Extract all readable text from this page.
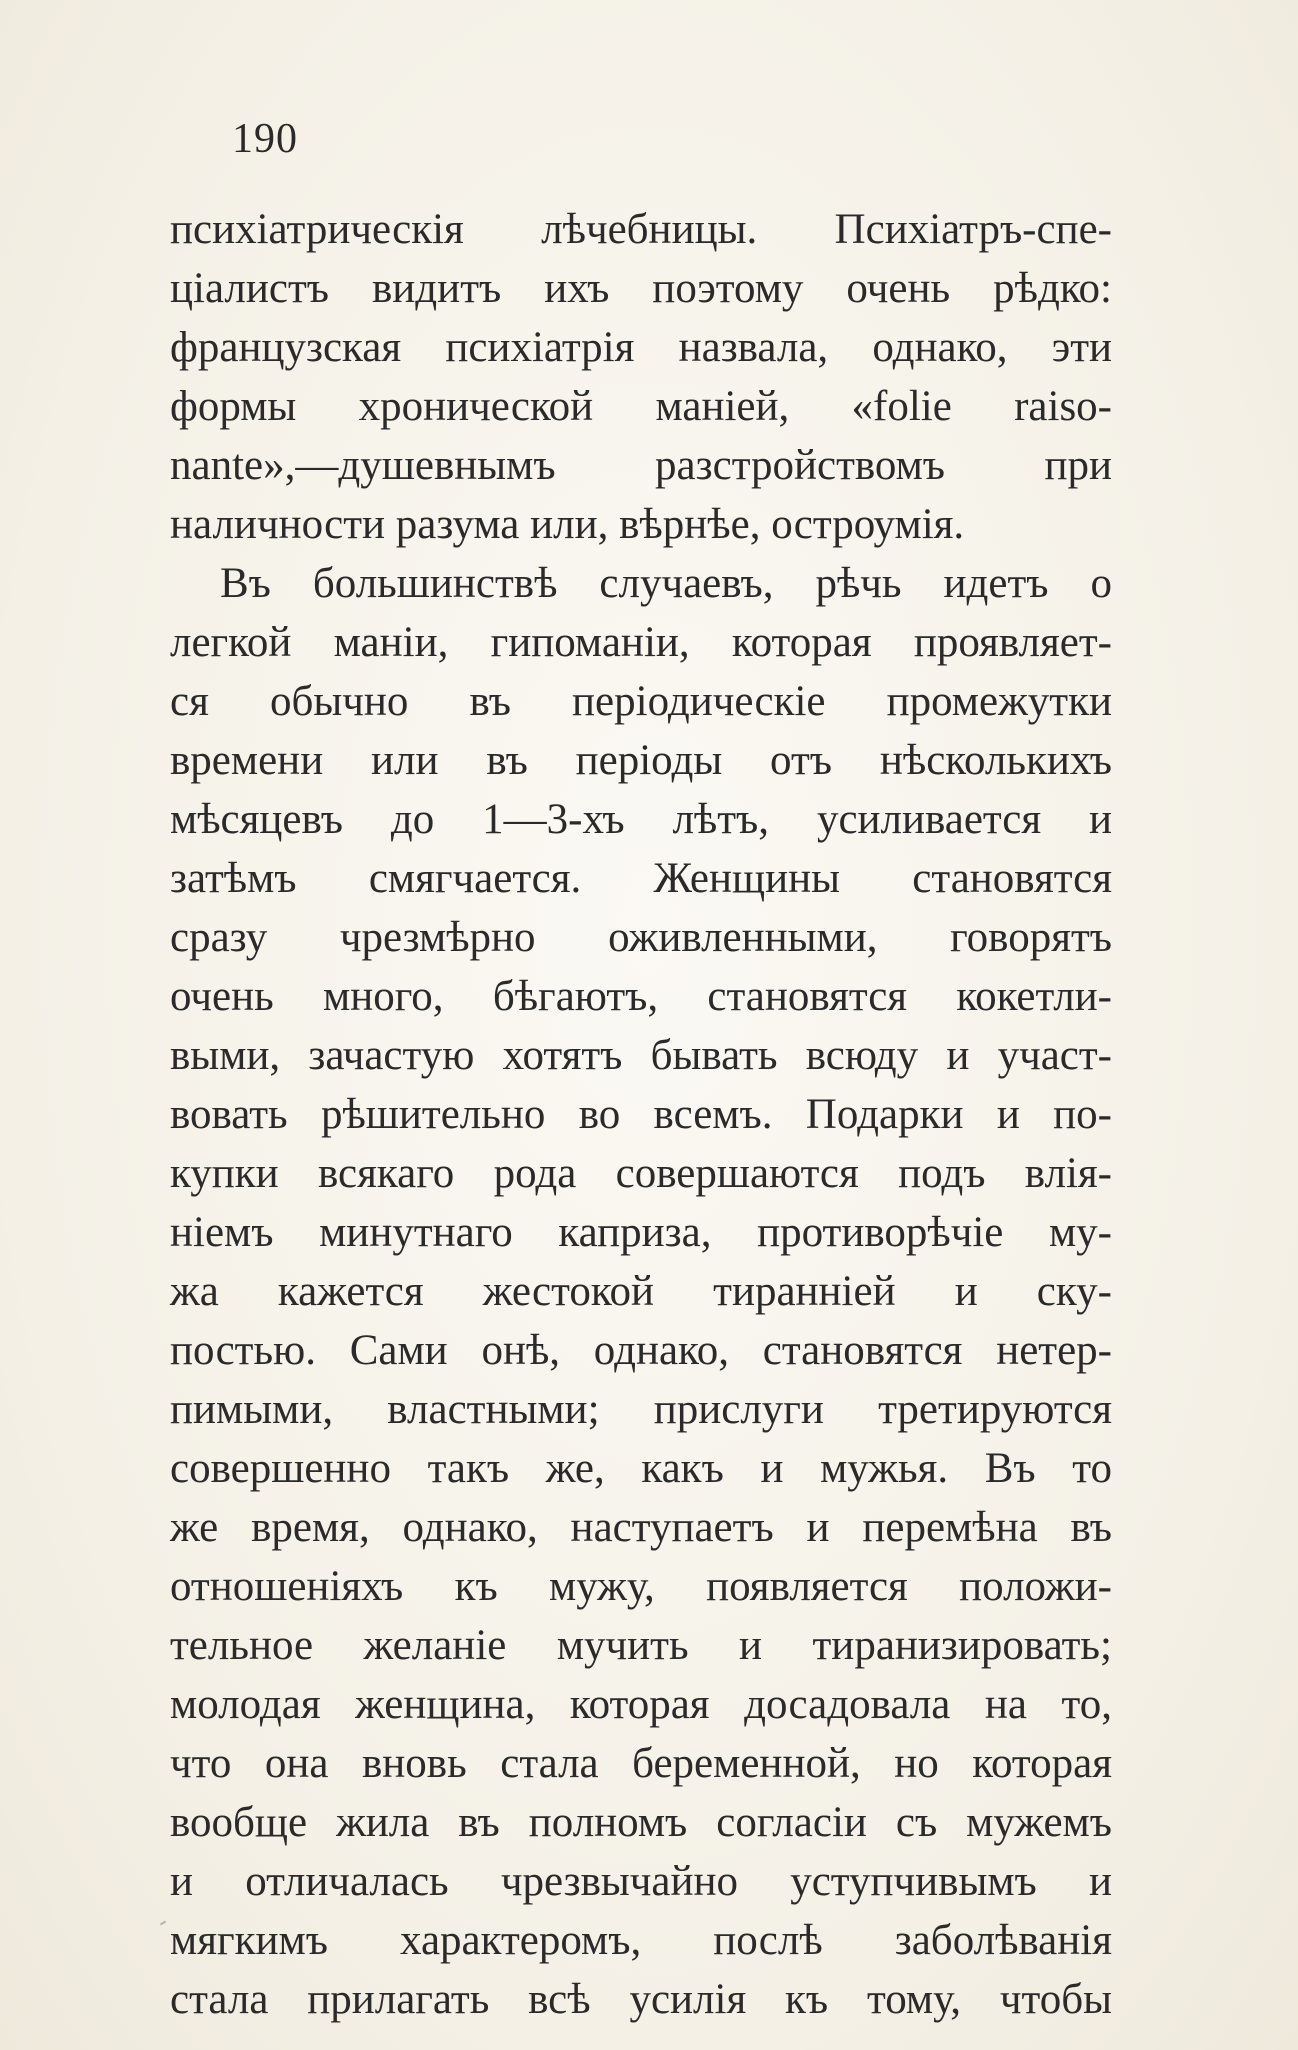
190
психіатрическія лѣчебницы. Психіатръ-спе-
ціалистъ видитъ ихъ поэтому очень рѣдко:
французская психіатрія назвала, однако, эти
формы хронической маніей, «folie raiso-
nante»,—душевнымъ разстройствомъ при
наличности разума или, вѣрнѣе, остроумія.
Въ большинствѣ случаевъ, рѣчь идетъ о
легкой маніи, гипоманіи, которая проявляет-
ся обычно въ періодическіе промежутки
времени или въ періоды отъ нѣсколькихъ
мѣсяцевъ до 1—3-хъ лѣтъ, усиливается и
затѣмъ смягчается. Женщины становятся
сразу чрезмѣрно оживленными, говорятъ
очень много, бѣгаютъ, становятся кокетли-
выми, зачастую хотятъ бывать всюду и участ-
вовать рѣшительно во всемъ. Подарки и по-
купки всякаго рода совершаются подъ влія-
ніемъ минутнаго каприза, противорѣчіе му-
жа кажется жестокой тиранніей и ску-
постью. Сами онѣ, однако, становятся нетер-
пимыми, властными; прислуги третируются
совершенно такъ же, какъ и мужья. Въ то
же время, однако, наступаетъ и перемѣна въ
отношеніяхъ къ мужу, появляется положи-
тельное желаніе мучить и тиранизировать;
молодая женщина, которая досадовала на то,
что она вновь стала беременной, но которая
вообще жила въ полномъ согласіи съ мужемъ
и отличалась чрезвычайно уступчивымъ и
мягкимъ характеромъ, послѣ заболѣванія
стала прилагать всѣ усилія къ тому, чтобы
